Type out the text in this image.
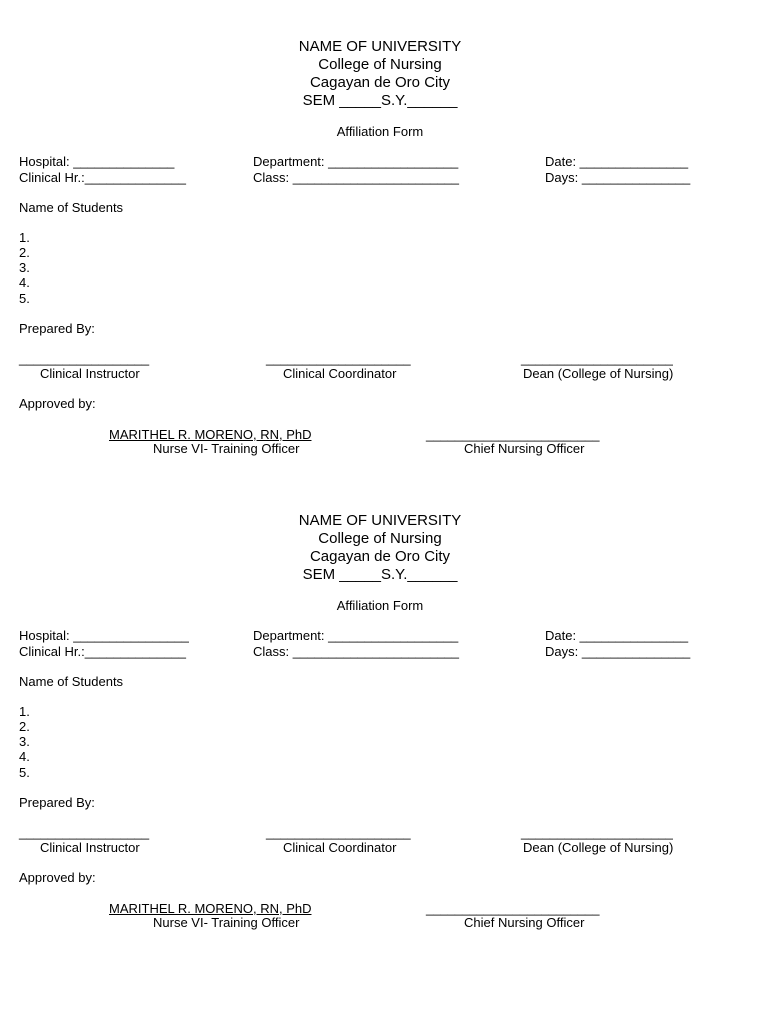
NAME OF UNIVERSITY
College of Nursing
Cagayan de Oro City
SEM _____S.Y.______
Affiliation Form
Hospital: ______________	Department: __________________	Date: _______________
Clinical Hr.:______________	Class: _______________________	Days: _______________
Name of Students
1.
2.
3.
4.
5.
Prepared By:
__________________
Clinical Instructor
____________________
Clinical Coordinator
_____________________
Dean (College of Nursing)
Approved by:
MARITHEL R. MORENO, RN, PhD
Nurse VI- Training Officer
________________________
Chief Nursing Officer
NAME OF UNIVERSITY
College of Nursing
Cagayan de Oro City
SEM _____S.Y.______
Affiliation Form
Hospital: ________________	Department: __________________	Date: _______________
Clinical Hr.:______________	Class: _______________________	Days: _______________
Name of Students
1.
2.
3.
4.
5.
Prepared By:
__________________
Clinical Instructor
____________________
Clinical Coordinator
_____________________
Dean (College of Nursing)
Approved by:
MARITHEL R. MORENO, RN, PhD
Nurse VI- Training Officer
________________________
Chief Nursing Officer
